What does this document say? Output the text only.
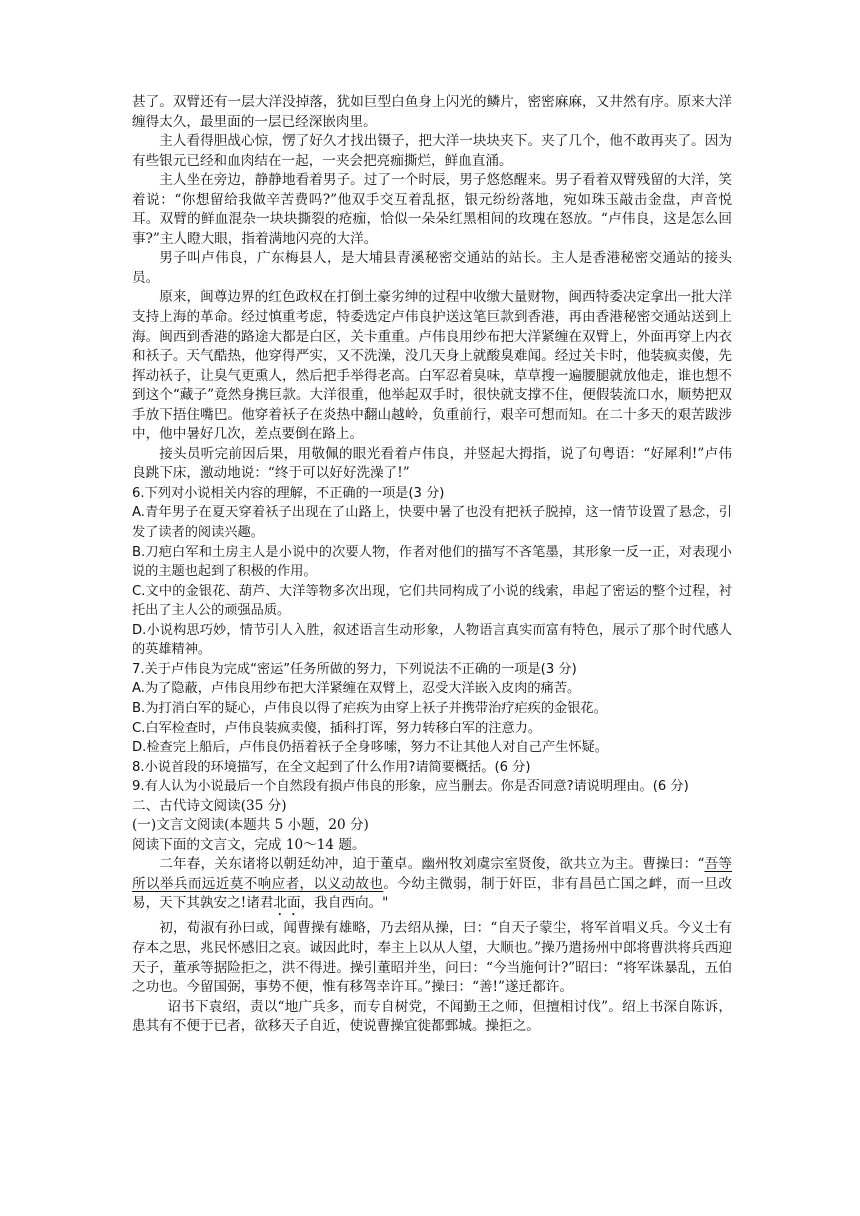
甚了。双臂还有一层大洋没掉落，犹如巨型白鱼身上闪光的鳞片，密密麻麻，又井然有序。原来大洋缠得太久，最里面的一层已经深嵌肉里。

主人看得胆战心惊，愣了好久才找出镊子，把大洋一块块夹下。夹了几个，他不敢再夹了。因为有些银元已经和血肉结在一起，一夹会把亮痂撕烂，鲜血直涌。

主人坐在旁边，静静地看着男子。过了一个时辰，男子悠悠醒来。男子看着双臂残留的大洋，笑着说：“你想留给我做辛苦费吗?”他双手交互着乱抠，银元纷纷落地，宛如珠玉敲击金盘，声音悦耳。双臂的鲜血混杂一块块撕裂的疮痂，恰似一朵朵红黑相间的玫瑰在怒放。“卢伟良，这是怎么回事?”主人瞪大眼，指着满地闪亮的大洋。

男子叫卢伟良，广东梅县人，是大埔县青溪秘密交通站的站长。主人是香港秘密交通站的接头员。

原来，闽尊边界的红色政权在打倒土豪劣绅的过程中收缴大量财物，闽西特委决定拿出一批大洋支持上海的革命。经过慎重考虑，特委选定卢伟良护送这笔巨款到香港，再由香港秘密交通站送到上海。闽西到香港的路途大都是白区，关卡重重。卢伟良用纱布把大洋紧缠在双臂上，外面再穿上内衣和袄子。天气酷热，他穿得严实，又不洗澡，没几天身上就酸臭难闻。经过关卡时，他装疯卖傻，先挥动袄子，让臭气更熏人，然后把手举得老高。白军忍着臭味，草草搜一遍腰腿就放他走，谁也想不到这个“藏子”竟然身携巨款。大洋很重，他举起双手时，很快就支撑不住，便假装流口水，顺势把双手放下捂住嘴巴。他穿着袄子在炎热中翻山越岭，负重前行，艰辛可想而知。在二十多天的艰苦跋涉中，他中暑好几次，差点要倒在路上。

接头员听完前因后果，用敬佩的眼光看着卢伟良，并竖起大拇指，说了句粤语：“好犀利!”卢伟良跳下床，激动地说：“终于可以好好洗澡了!”

6.下列对小说相关内容的理解，不正确的一项是(3 分)

A.青年男子在夏天穿着袄子出现在了山路上，快要中暑了也没有把袄子脱掉，这一情节设置了悬念，引发了读者的阅读兴趣。

B.刀疤白军和土房主人是小说中的次要人物，作者对他们的描写不吝笔墨，其形象一反一正，对表现小说的主题也起到了积极的作用。

C.文中的金银花、葫芦、大洋等物多次出现，它们共同构成了小说的线索，串起了密运的整个过程，衬托出了主人公的顽强品质。

D.小说构思巧妙，情节引人入胜，叙述语言生动形象，人物语言真实而富有特色，展示了那个时代感人的英雄精神。

7.关于卢伟良为完成“密运”任务所做的努力，下列说法不正确的一项是(3 分)

A.为了隐蔽，卢伟良用纱布把大洋紧缠在双臂上，忍受大洋嵌入皮肉的痛苦。

B.为打消白军的疑心，卢伟良以得了疟疾为由穿上袄子并携带治疗疟疾的金银花。

C.白军检查时，卢伟良装疯卖傻，插科打诨，努力转移白军的注意力。

D.检查完上船后，卢伟良仍捂着袄子全身哆嗦，努力不让其他人对自己产生怀疑。

8.小说首段的环境描写，在全文起到了什么作用?请简要概括。(6 分)

9.有人认为小说最后一个自然段有损卢伟良的形象，应当删去。你是否同意?请说明理由。(6 分)

二、古代诗文阅读(35 分)

(一)文言文阅读(本题共 5 小题，20 分)

阅读下面的文言文，完成 10～14 题。

二年春，关东诸将以朝廷幼冲，迫于董卓。幽州牧刘虞宗室贤俊，欲共立为主。曹操曰：“吾等所以举兵而远近莫不响应者，以义动故也。今幼主微弱，制于奸臣，非有昌邑亡国之衅，而一旦改易，天下其孰安之!诸君北面，我自西向。"

初，荀淑有孙曰或，闻曹操有雄略，乃去绍从操，曰：“自天子蒙尘，将军首唱义兵。今义士有存本之思，兆民怀感旧之哀。诚因此时，奉主上以从人望，大顺也。”操乃遣扬州中郎将曹洪将兵西迎天子，董承等据险拒之，洪不得进。操引董昭并坐，问曰：“今当施何计?”昭曰：“将军诛暴乱，五伯之功也。今留国弼，事势不便，惟有移驾幸许耳。”操曰：“善!”遂迁都许。

诏书下袁绍，责以“地广兵多，而专自树党，不闻勤王之师，但擅相讨伐”。绍上书深自陈诉，患其有不便于已者，欲移天子自近，使说曹操宜徙都鄄城。操拒之。
